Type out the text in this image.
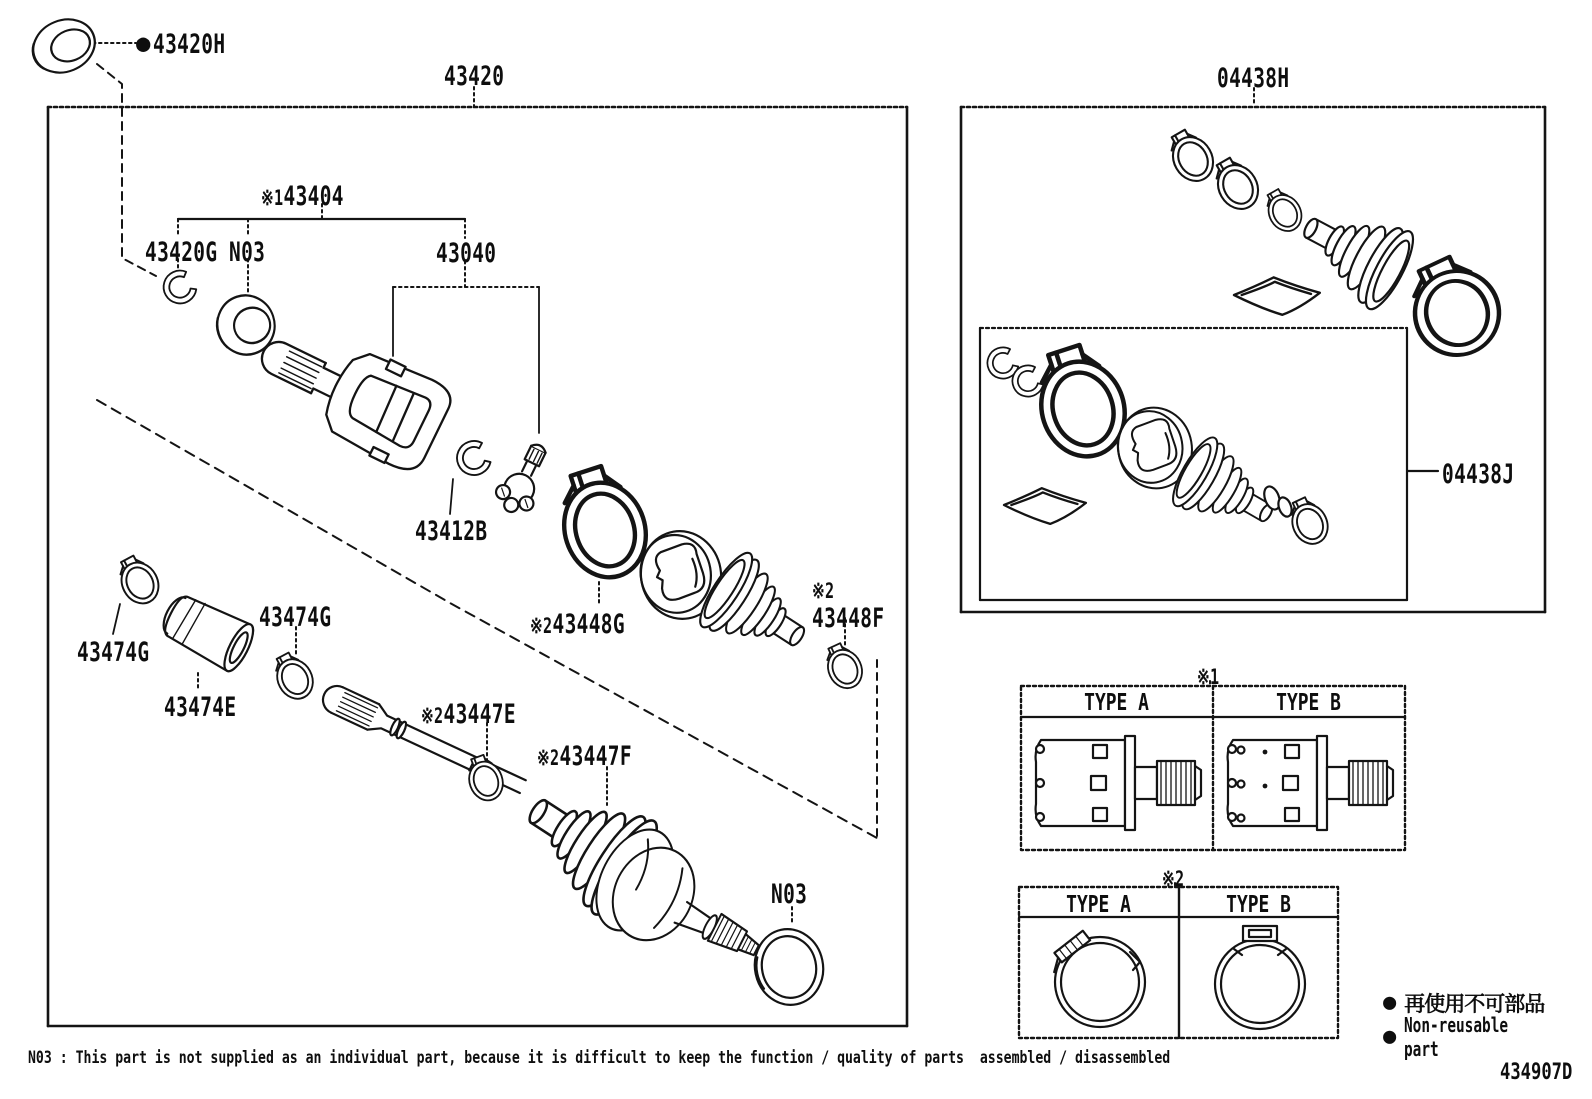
● 43420H
43420	04438H
※143404
43420G N03	43040
43412B
※243448G
※2
43448F
43474G
43474E
43474G
※243447E
※243447F
N03
04438J
※1
TYPE A	TYPE B
※2
TYPE A	TYPE B
● 再使用不可部品
● Non-reusable part
N03 : This part is not supplied as an individual part, because it is difficult to keep the function / quality of parts  assembled / disassembled
434907D
